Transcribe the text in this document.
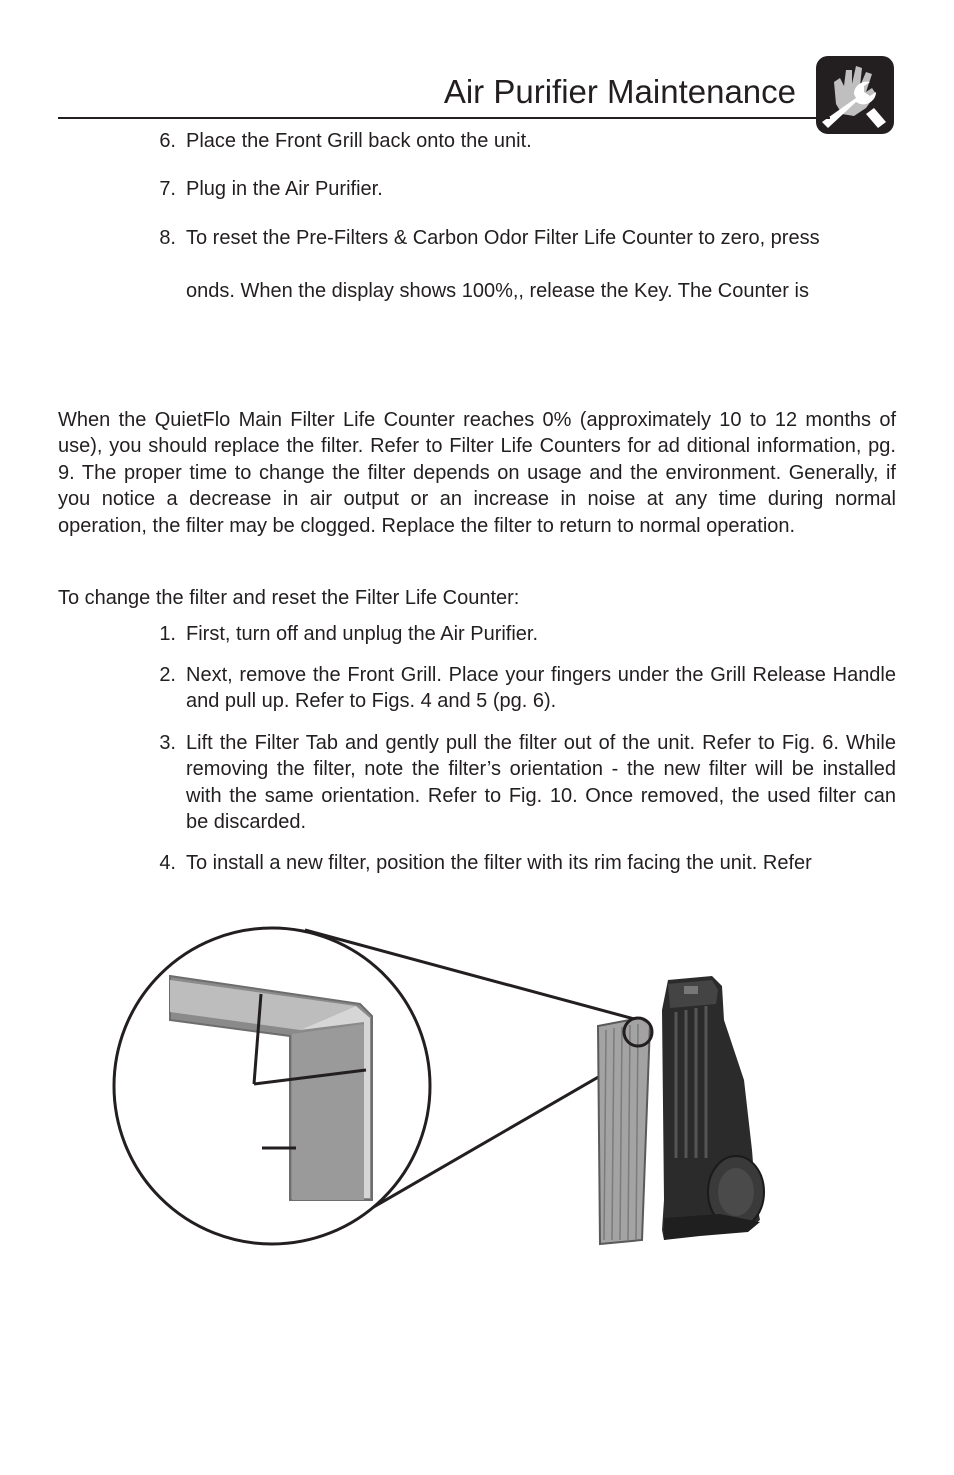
Air Purifier Maintenance
6. Place the Front Grill back onto the unit.
7. Plug in the Air Purifier.
8. To reset the Pre-Filters & Carbon Odor Filter Life Counter to zero, press
onds. When the display shows 100%,, release the Key. The Counter is
When the QuietFlo Main Filter Life Counter reaches 0% (approximately 10 to 12 months of use), you should replace the filter. Refer to Filter Life Counters for ad ditional information, pg. 9. The proper time to change the filter depends on usage and the environment. Generally, if you notice a decrease in air output or an increase in noise at any time during normal operation, the filter may be clogged. Replace the filter to return to normal operation.
To change the filter and reset the Filter Life Counter:
1. First, turn off and unplug the Air Purifier.
2. Next, remove the Front Grill. Place your fingers under the Grill Release Handle and pull up. Refer to Figs. 4 and 5 (pg. 6).
3. Lift the Filter Tab and gently pull the filter out of the unit. Refer to Fig. 6. While removing the filter, note the filter’s orientation - the new filter will be installed with the same orientation. Refer to Fig. 10. Once removed, the used filter can be discarded.
4. To install a new filter, position the filter with its rim facing the unit. Refer
